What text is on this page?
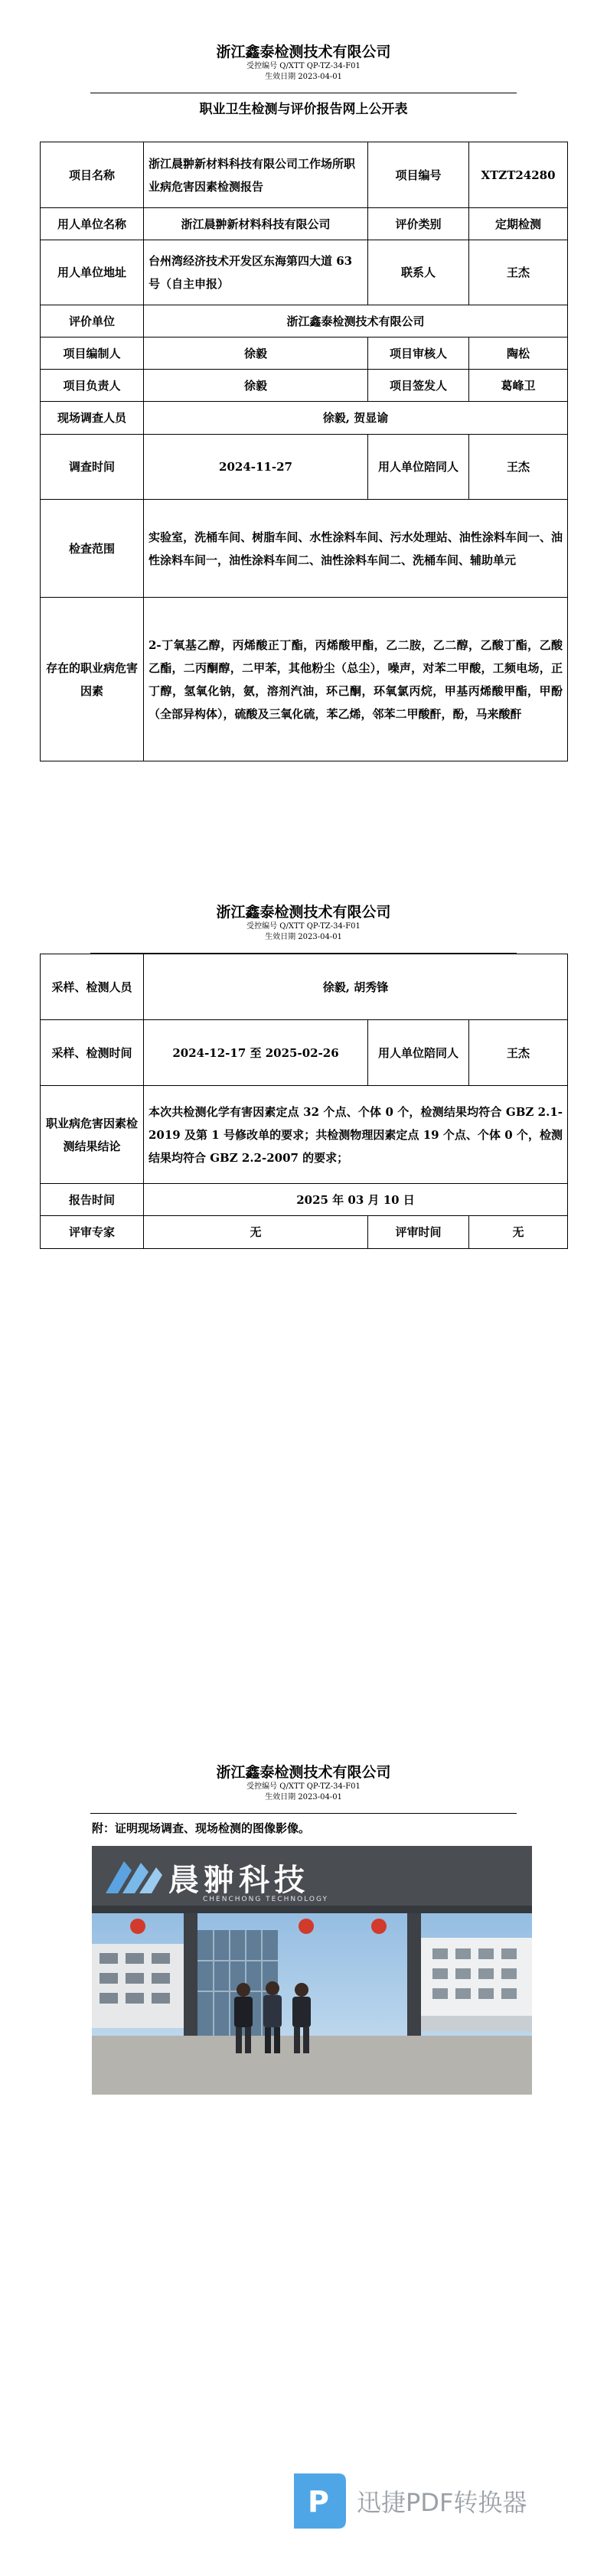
浙江鑫泰检测技术有限公司
受控编号 Q/XTT QP-TZ-34-F01
生效日期 2023-04-01
职业卫生检测与评价报告网上公开表
项目名称	浙江晨翀新材料科技有限公司工作场所职业病危害因素检测报告	项目编号	XTZT24280
用人单位名称	浙江晨翀新材料科技有限公司	评价类别	定期检测
用人单位地址	台州湾经济技术开发区东海第四大道 63 号（自主申报）	联系人	王杰
评价单位	浙江鑫泰检测技术有限公司		
项目编制人	徐毅	项目审核人	陶松
项目负责人	徐毅	项目签发人	葛峰卫
现场调查人员	徐毅, 贺显谕		
调查时间	2024-11-27	用人单位陪同人	王杰
检查范围	实验室，洗桶车间、树脂车间、水性涂料车间、污水处理站、油性涂料车间一、油性涂料车间一，油性涂料车间二、油性涂料车间二、洗桶车间、辅助单元		
存在的职业病危害因素	2-丁氧基乙醇，丙烯酸正丁酯，丙烯酸甲酯，乙二胺，乙二醇，乙酸丁酯，乙酸乙酯，二丙酮醇，二甲苯，其他粉尘（总尘），噪声，对苯二甲酸，工频电场，正丁醇，氢氧化钠，氨，溶剂汽油，环己酮，环氧氯丙烷，甲基丙烯酸甲酯，甲酚（全部异构体），硫酸及三氧化硫，苯乙烯，邻苯二甲酸酐，酚，马来酸酐		
浙江鑫泰检测技术有限公司
受控编号 Q/XTT QP-TZ-34-F01
生效日期 2023-04-01
采样、检测人员	徐毅, 胡秀锋		
采样、检测时间	2024-12-17 至 2025-02-26	用人单位陪同人	王杰
职业病危害因素检测结果结论	本次共检测化学有害因素定点 32 个点、个体 0 个，检测结果均符合 GBZ 2.1-2019 及第 1 号修改单的要求；共检测物理因素定点 19 个点、个体 0 个，检测结果均符合 GBZ 2.2-2007 的要求；		
报告时间	2025 年 03 月 10 日		
评审专家	无	评审时间	无
浙江鑫泰检测技术有限公司
受控编号 Q/XTT QP-TZ-34-F01
生效日期 2023-04-01
附：证明现场调查、现场检测的图像影像。
晨翀科技
CHENCHONG TECHNOLOGY
P 迅捷PDF转换器
